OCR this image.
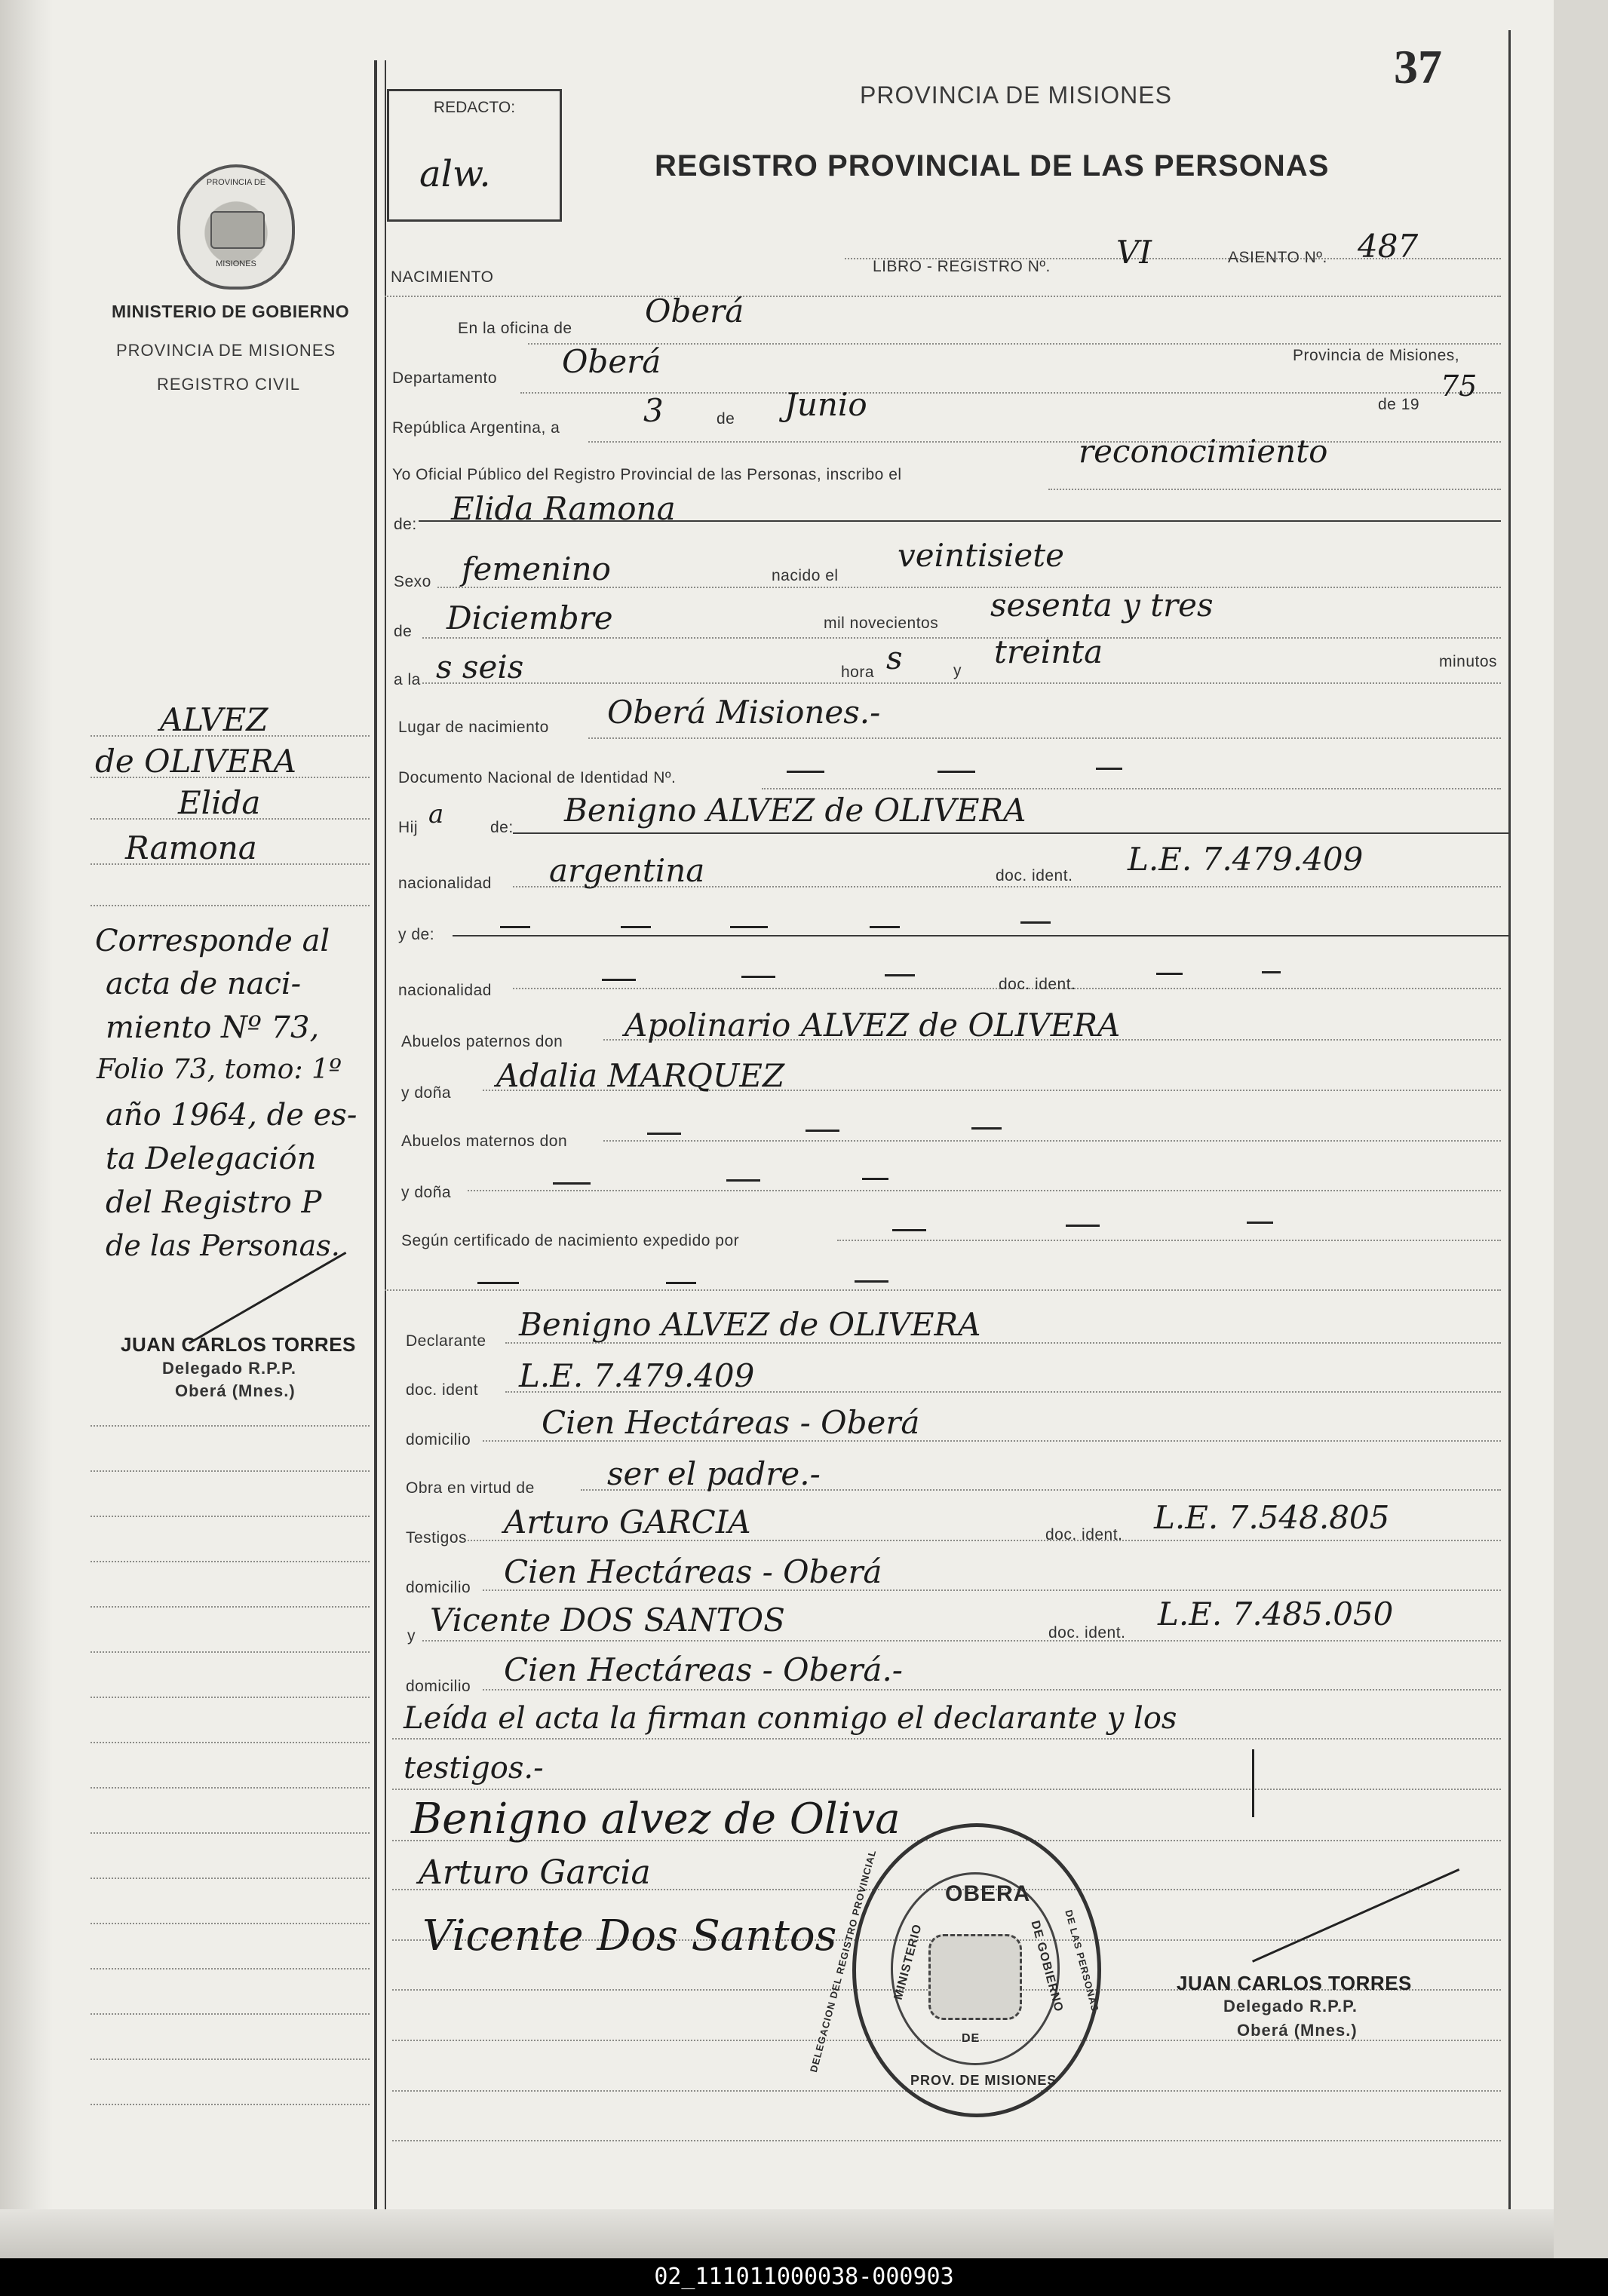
37
REDACTO:
alw.
PROVINCIA DE MISIONES
REGISTRO PROVINCIAL DE LAS PERSONAS
PROVINCIA DE
MISIONES
MINISTERIO DE GOBIERNO
PROVINCIA DE MISIONES
REGISTRO CIVIL
NACIMIENTO
LIBRO - REGISTRO Nº. VI	ASIENTO Nº. 487
En la oficina de Oberá
Departamento Oberá	Provincia de Misiones,
República Argentina, a	3	de Junio	de 19
75
Yo Oficial Público del Registro Provincial de las Personas, inscribo el
reconocimiento
de: Elida Ramona
Sexo femenino	nacido el
veintisiete
de Diciembre	mil novecientos sesenta y tres
a la s seis	hora s	y
treinta	minutos
Lugar de nacimiento Oberá Misiones.-
Documento Nacional de Identidad Nº.
Hij a	de: Benigno ALVEZ de OLIVERA
nacionalidad argentina	doc. ident. L.E. 7.479.409
y de:
nacionalidad	doc. ident.
Abuelos paternos don Apolinario ALVEZ de OLIVERA
y doña Adalia MARQUEZ
Abuelos maternos don
y doña
Según certificado de nacimiento expedido por
Declarante Benigno ALVEZ de OLIVERA
doc. ident L.E. 7.479.409
domicilio Cien Hectáreas - Oberá
Obra en virtud de ser el padre.-
Testigos Arturo GARCIA	doc. ident. L.E. 7.548.805
domicilio Cien Hectáreas - Oberá
y Vicente DOS SANTOS	doc. ident.
L.E. 7.485.050
domicilio Cien Hectáreas - Oberá.-
Leída el acta la firman conmigo el declarante y los
testigos.-
Benigno alvez de Oliva
Arturo Garcia
Vicente Dos Santos
ALVEZ
de OLIVERA
Elida
Ramona
Corresponde al
acta de naci-
miento Nº 73,
Folio 73, tomo: 1º
año 1964, de es-
ta Delegación
del Registro P
de las Personas.
JUAN CARLOS TORRES
Delegado R.P.P.
Oberá (Mnes.)
JUAN CARLOS TORRES
Delegado R.P.P.
Oberá (Mnes.)
OBERA
DELEGACION DEL REGISTRO PROVINCIAL	DE LAS PERSONAS
MINISTERIO	DE GOBIERNO
DE
PROV. DE MISIONES
02_111011000038-000903
